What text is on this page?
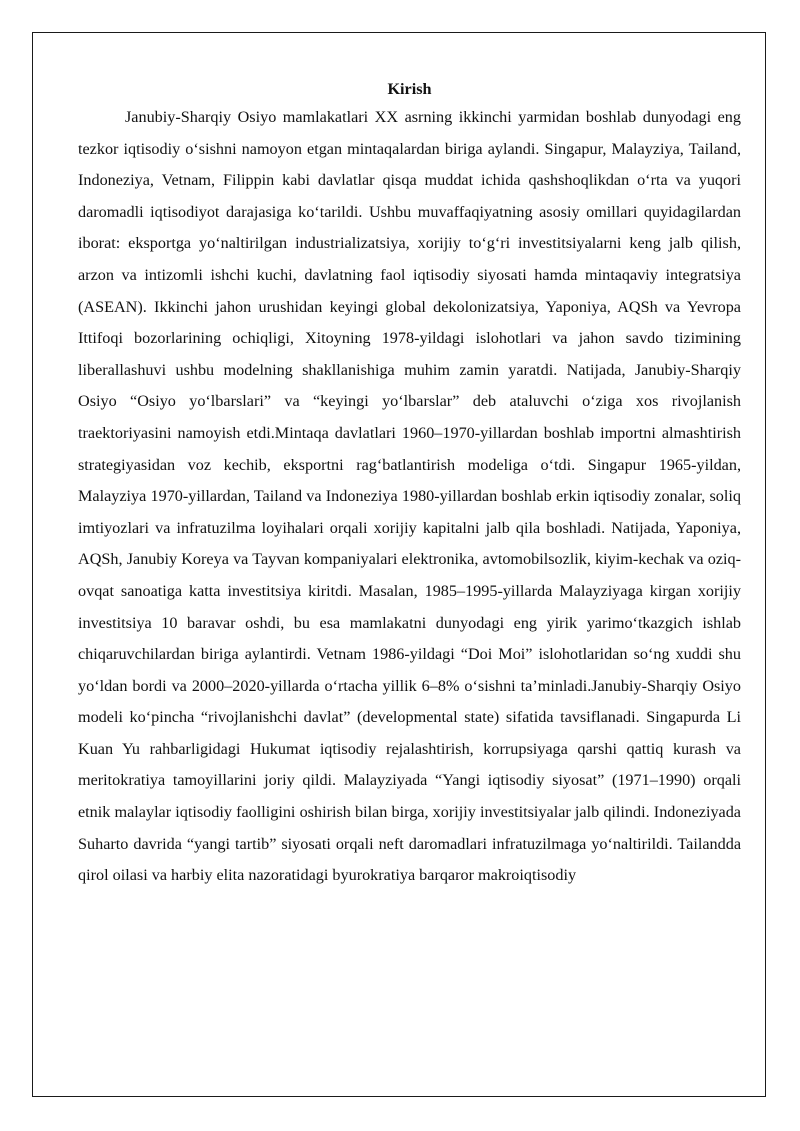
Kirish

Janubiy-Sharqiy Osiyo mamlakatlari XX asrning ikkinchi yarmidan boshlab dunyodagi eng tezkor iqtisodiy o‘sishni namoyon etgan mintaqalardan biriga aylandi. Singapur, Malayziya, Tailand, Indoneziya, Vetnam, Filippin kabi davlatlar qisqa muddat ichida qashshoqlikdan o‘rta va yuqori daromadli iqtisodiyot darajasiga ko‘tarildi. Ushbu muvaffaqiyatning asosiy omillari quyidagilardan iborat: eksportga yo‘naltirilgan industrializatsiya, xorijiy to‘g‘ri investitsiyalarni keng jalb qilish, arzon va intizomli ishchi kuchi, davlatning faol iqtisodiy siyosati hamda mintaqaviy integratsiya (ASEAN). Ikkinchi jahon urushidan keyingi global dekolonizatsiya, Yaponiya, AQSh va Yevropa Ittifoqi bozorlarining ochiqligi, Xitoyning 1978-yildagi islohotlari va jahon savdo tizimining liberallashuvi ushbu modelning shakllanishiga muhim zamin yaratdi. Natijada, Janubiy-Sharqiy Osiyo “Osiyo yo‘lbarslari” va “keyingi yo‘lbarslar” deb ataluvchi o‘ziga xos rivojlanish traektoriyasini namoyish etdi.Mintaqa davlatlari 1960–1970-yillardan boshlab importni almashtirish strategiyasidan voz kechib, eksportni rag‘batlantirish modeliga o‘tdi. Singapur 1965-yildan, Malayziya 1970-yillardan, Tailand va Indoneziya 1980-yillardan boshlab erkin iqtisodiy zonalar, soliq imtiyozlari va infratuzilma loyihalari orqali xorijiy kapitalni jalb qila boshladi. Natijada, Yaponiya, AQSh, Janubiy Koreya va Tayvan kompaniyalari elektronika, avtomobilsozlik, kiyim-kechak va oziq-ovqat sanoatiga katta investitsiya kiritdi. Masalan, 1985–1995-yillarda Malayziyaga kirgan xorijiy investitsiya 10 baravar oshdi, bu esa mamlakatni dunyodagi eng yirik yarimo‘tkazgich ishlab chiqaruvchilardan biriga aylantirdi. Vetnam 1986-yildagi “Doi Moi” islohotlaridan so‘ng xuddi shu yo‘ldan bordi va 2000–2020-yillarda o‘rtacha yillik 6–8% o‘sishni ta’minladi.Janubiy-Sharqiy Osiyo modeli ko‘pincha “rivojlanishchi davlat” (developmental state) sifatida tavsiflanadi. Singapurda Li Kuan Yu rahbarligidagi Hukumat iqtisodiy rejalashtirish, korrupsiyaga qarshi qattiq kurash va meritokratiya tamoyillarini joriy qildi. Malayziyada “Yangi iqtisodiy siyosat” (1971–1990) orqali etnik malaylar iqtisodiy faolligini oshirish bilan birga, xorijiy investitsiyalar jalb qilindi. Indoneziyada Suharto davrida “yangi tartib” siyosati orqali neft daromadlari infratuzilmaga yo‘naltirildi. Tailandda qirol oilasi va harbiy elita nazoratidagi byurokratiya barqaror makroiqtisodiy
